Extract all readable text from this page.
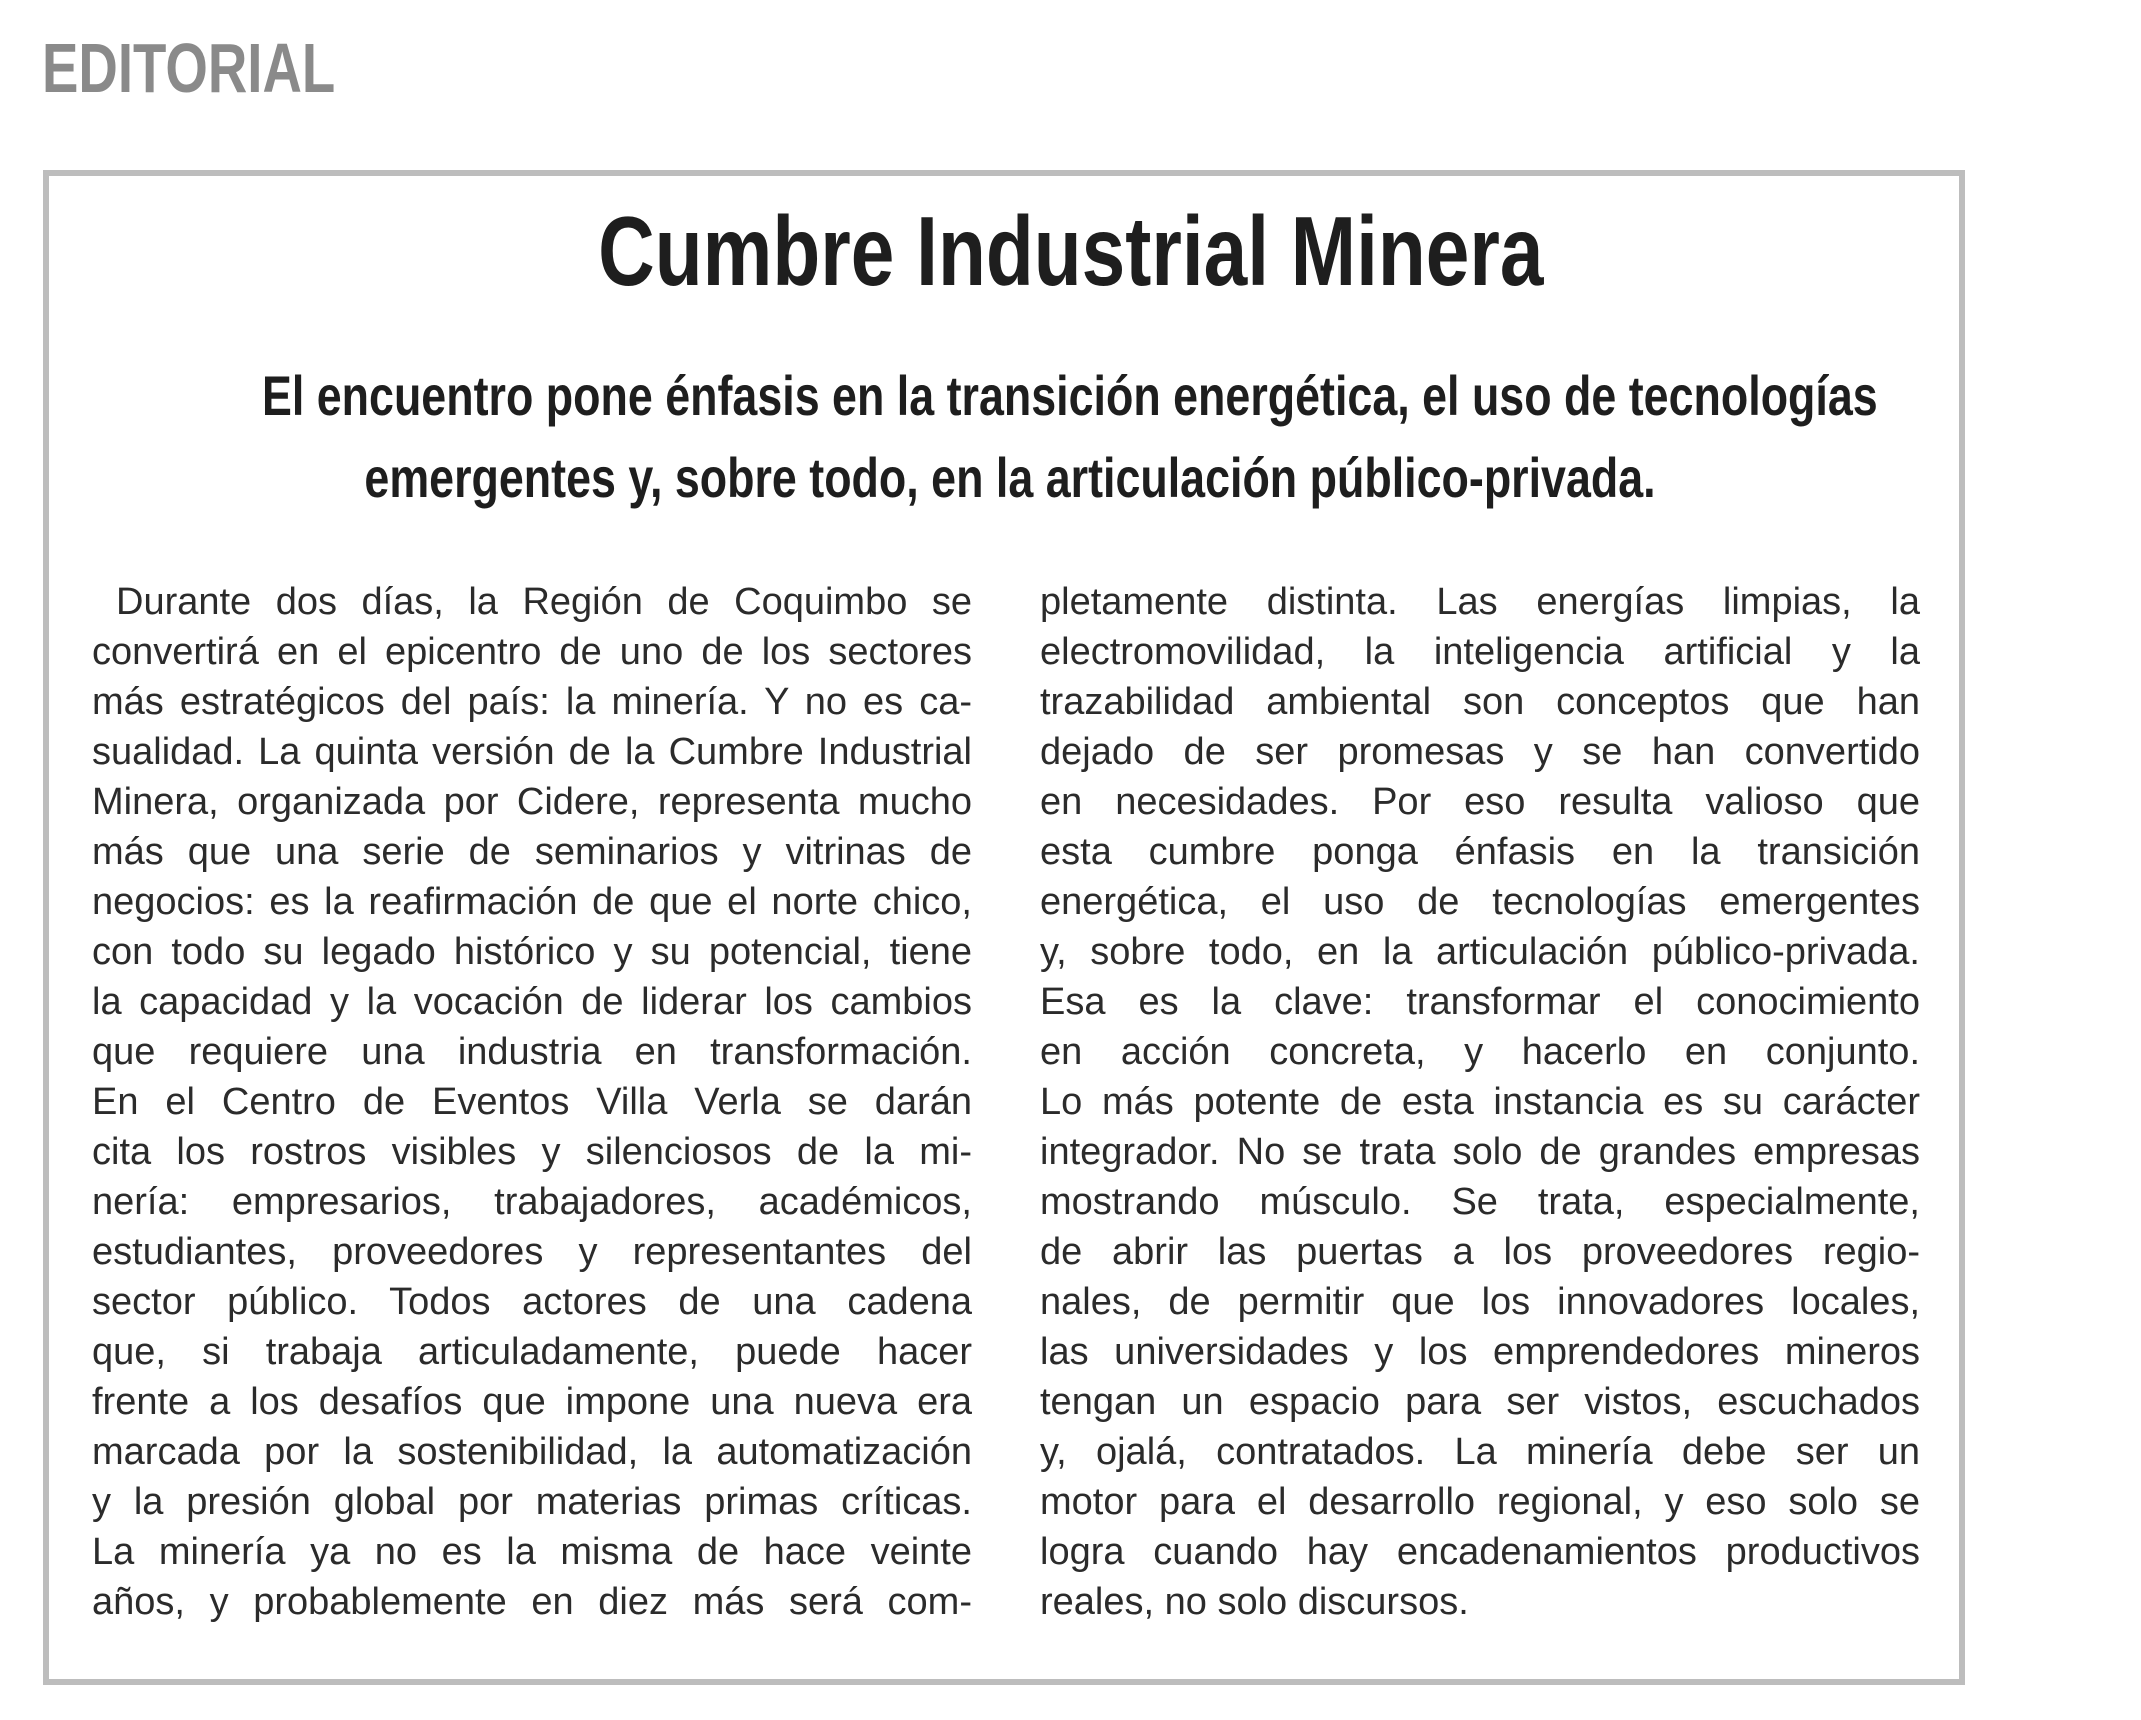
EDITORIAL
Cumbre Industrial Minera
El encuentro pone énfasis en la transición energética, el uso de tecnologías
emergentes y, sobre todo, en la articulación público-privada.
Durante dos días, la Región de Coquimbo se
convertirá en el epicentro de uno de los sectores
más estratégicos del país: la minería. Y no es ca-
sualidad. La quinta versión de la Cumbre Industrial
Minera, organizada por Cidere, representa mucho
más que una serie de seminarios y vitrinas de
negocios: es la reafirmación de que el norte chico,
con todo su legado histórico y su potencial, tiene
la capacidad y la vocación de liderar los cambios
que requiere una industria en transformación.
En el Centro de Eventos Villa Verla se darán
cita los rostros visibles y silenciosos de la mi-
nería: empresarios, trabajadores, académicos,
estudiantes, proveedores y representantes del
sector público. Todos actores de una cadena
que, si trabaja articuladamente, puede hacer
frente a los desafíos que impone una nueva era
marcada por la sostenibilidad, la automatización
y la presión global por materias primas críticas.
La minería ya no es la misma de hace veinte
años, y probablemente en diez más será com-
pletamente distinta. Las energías limpias, la
electromovilidad, la inteligencia artificial y la
trazabilidad ambiental son conceptos que han
dejado de ser promesas y se han convertido
en necesidades. Por eso resulta valioso que
esta cumbre ponga énfasis en la transición
energética, el uso de tecnologías emergentes
y, sobre todo, en la articulación público-privada.
Esa es la clave: transformar el conocimiento
en acción concreta, y hacerlo en conjunto.
Lo más potente de esta instancia es su carácter
integrador. No se trata solo de grandes empresas
mostrando músculo. Se trata, especialmente,
de abrir las puertas a los proveedores regio-
nales, de permitir que los innovadores locales,
las universidades y los emprendedores mineros
tengan un espacio para ser vistos, escuchados
y, ojalá, contratados. La minería debe ser un
motor para el desarrollo regional, y eso solo se
logra cuando hay encadenamientos productivos
reales, no solo discursos.
